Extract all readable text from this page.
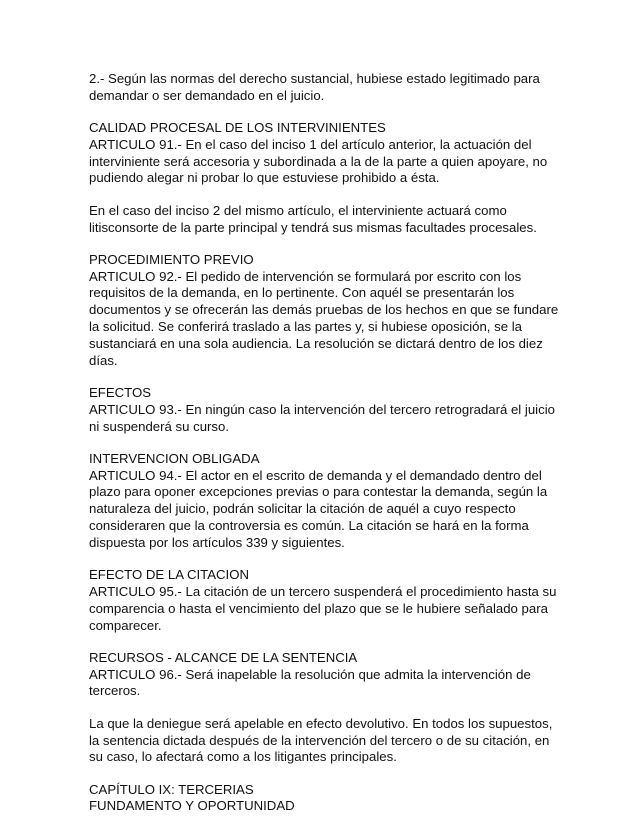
2.- Según las normas del derecho sustancial, hubiese estado legitimado para demandar o ser demandado en el juicio.

CALIDAD PROCESAL DE LOS INTERVINIENTES
ARTICULO 91.- En el caso del inciso 1 del artículo anterior, la actuación del interviniente será accesoria y subordinada a la de la parte a quien apoyare, no pudiendo alegar ni probar lo que estuviese prohibido a ésta.

En el caso del inciso 2 del mismo artículo, el interviniente actuará como litisconsorte de la parte principal y tendrá sus mismas facultades procesales.

PROCEDIMIENTO PREVIO
ARTICULO 92.- El pedido de intervención se formulará por escrito con los requisitos de la demanda, en lo pertinente. Con aquél se presentarán los documentos y se ofrecerán las demás pruebas de los hechos en que se fundare la solicitud. Se conferirá traslado a las partes y, si hubiese oposición, se la sustanciará en una sola audiencia. La resolución se dictará dentro de los diez días.

EFECTOS
ARTICULO 93.- En ningún caso la intervención del tercero retrogradará el juicio ni suspenderá su curso.

INTERVENCION OBLIGADA
ARTICULO 94.- El actor en el escrito de demanda y el demandado dentro del plazo para oponer excepciones previas o para contestar la demanda, según la naturaleza del juicio, podrán solicitar la citación de aquél a cuyo respecto consideraren que la controversia es común. La citación se hará en la forma dispuesta por los artículos 339 y siguientes.

EFECTO DE LA CITACION
ARTICULO 95.- La citación de un tercero suspenderá el procedimiento hasta su comparencia o hasta el vencimiento del plazo que se le hubiere señalado para comparecer.

RECURSOS - ALCANCE DE LA SENTENCIA
ARTICULO 96.- Será inapelable la resolución que admita la intervención de terceros.

La que la deniegue será apelable en efecto devolutivo. En todos los supuestos, la sentencia dictada después de la intervención del tercero o de su citación, en su caso, lo afectará como a los litigantes principales.

CAPÍTULO IX: TERCERIAS
FUNDAMENTO Y OPORTUNIDAD
